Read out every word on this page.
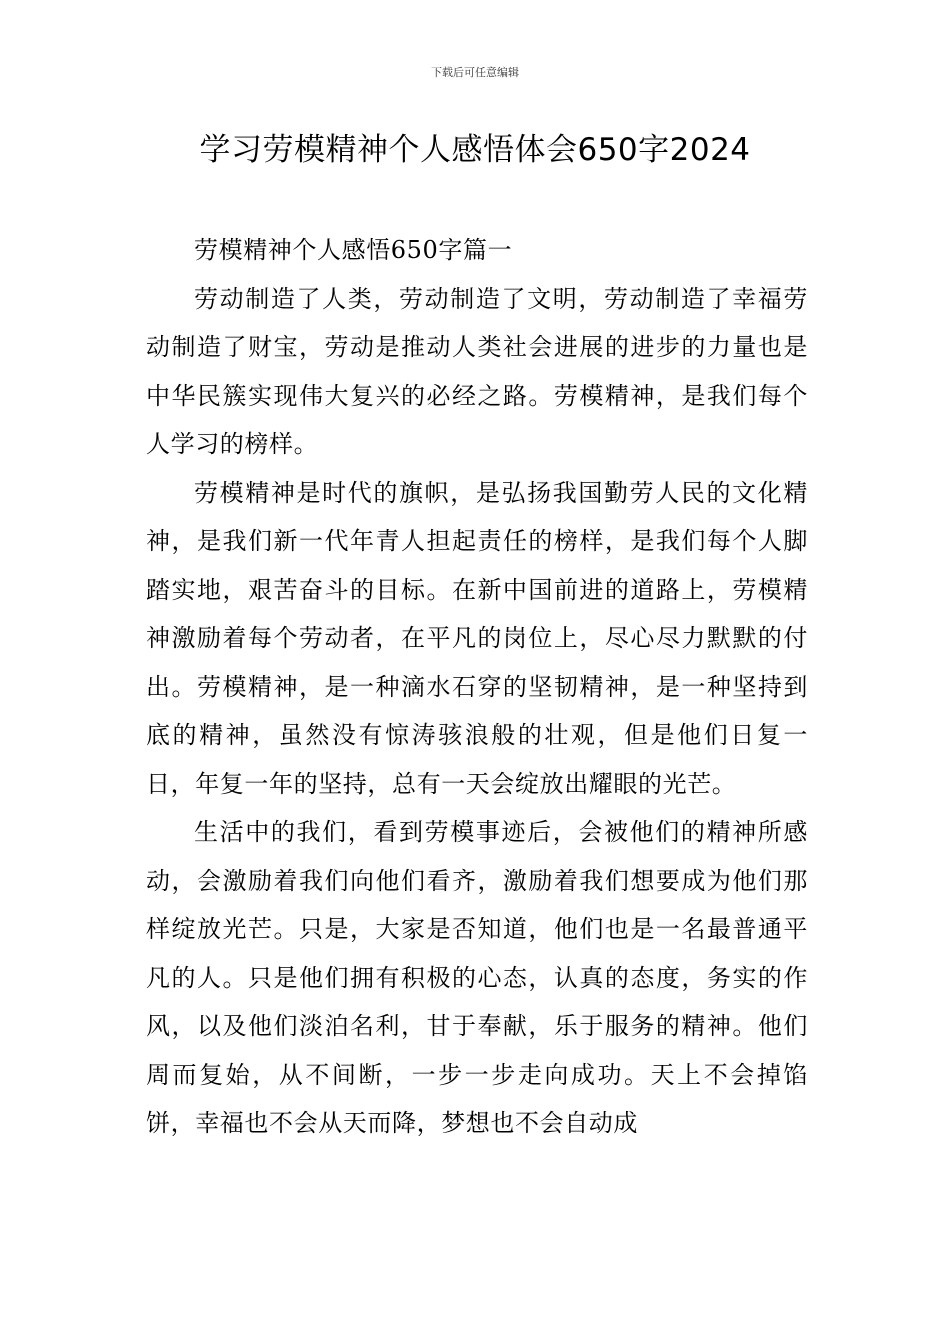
下载后可任意编辑
学习劳模精神个人感悟体会650字2024

劳模精神个人感悟650字篇一

劳动制造了人类，劳动制造了文明，劳动制造了幸福劳动制造了财宝，劳动是推动人类社会进展的进步的力量也是中华民簇实现伟大复兴的必经之路。劳模精神，是我们每个人学习的榜样。

劳模精神是时代的旗帜，是弘扬我国勤劳人民的文化精神，是我们新一代年青人担起责任的榜样，是我们每个人脚踏实地，艰苦奋斗的目标。在新中国前进的道路上，劳模精神激励着每个劳动者，在平凡的岗位上，尽心尽力默默的付出。劳模精神，是一种滴水石穿的坚韧精神，是一种坚持到底的精神，虽然没有惊涛骇浪般的壮观，但是他们日复一日，年复一年的坚持，总有一天会绽放出耀眼的光芒。

生活中的我们，看到劳模事迹后，会被他们的精神所感动，会激励着我们向他们看齐，激励着我们想要成为他们那样绽放光芒。只是，大家是否知道，他们也是一名最普通平凡的人。只是他们拥有积极的心态，认真的态度，务实的作风，以及他们淡泊名利，甘于奉献，乐于服务的精神。他们周而复始，从不间断，一步一步走向成功。天上不会掉馅饼，幸福也不会从天而降，梦想也不会自动成
